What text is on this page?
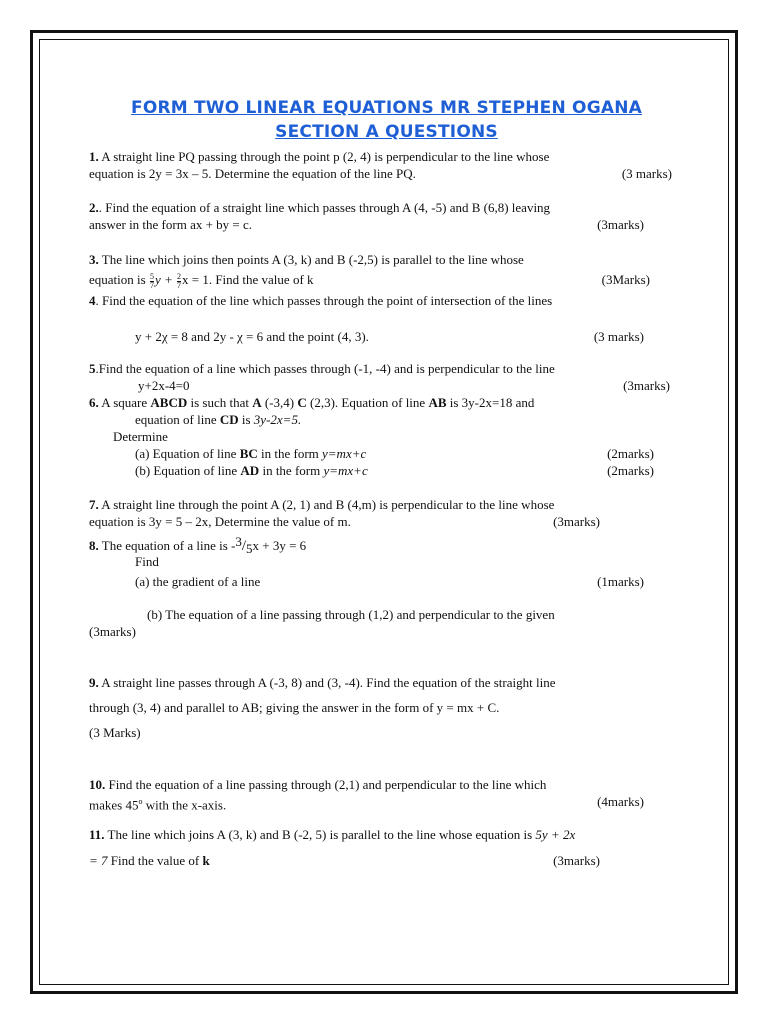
FORM TWO LINEAR EQUATIONS MR STEPHEN OGANA
SECTION A QUESTIONS
1. A straight line PQ passing through the point p (2, 4) is perpendicular to the line whose
equation is 2y = 3x – 5. Determine the equation of the line PQ.	(3 marks)
2.. Find the equation of a straight line which passes through A (4, -5) and B (6,8) leaving
answer in the form ax + by = c.	(3marks)
3. The line which joins then points A (3, k) and B (-2,5) is parallel to the line whose
equation is $\frac{5}{7}$ $y + \frac{2}{7}$ x = 1. Find the value of k	(3Marks)
4. Find the equation of the line which passes through the point of intersection of the lines
y + 2χ = 8 and 2y - χ = 6 and the point (4, 3).	(3 marks)
5.Find the equation of a line which passes through (-1, -4) and is perpendicular to the line
y+2x-4=0	(3marks)
6. A square ABCD is such that A (-3,4) C (2,3). Equation of line AB is 3y-2x=18 and
equation of line CD is 3y-2x=5.
Determine
(a) Equation of line BC in the form y=mx+c	(2marks)
(b) Equation of line AD in the form y=mx+c	(2marks)
7. A straight line through the point A (2, 1) and B (4,m) is perpendicular to the line whose
equation is 3y = 5 – 2x, Determine the value of m.	(3marks)
8. The equation of a line is $-^3/_5x + 3y = 6$
Find
(a) the gradient of a line	(1marks)
(b) The equation of a line passing through (1,2) and perpendicular to the given
(3marks)
9. A straight line passes through A (-3, 8) and (3, -4). Find the equation of the straight line
through (3, 4) and parallel to AB; giving the answer in the form of y = mx + C.
(3 Marks)
10. Find the equation of a line passing through (2,1) and perpendicular to the line which
makes 45$^o$ with the x-axis.	(4marks)
11. The line which joins A (3, k) and B (-2, 5) is parallel to the line whose equation is 5y + 2x
= 7 Find the value of k	(3marks)
